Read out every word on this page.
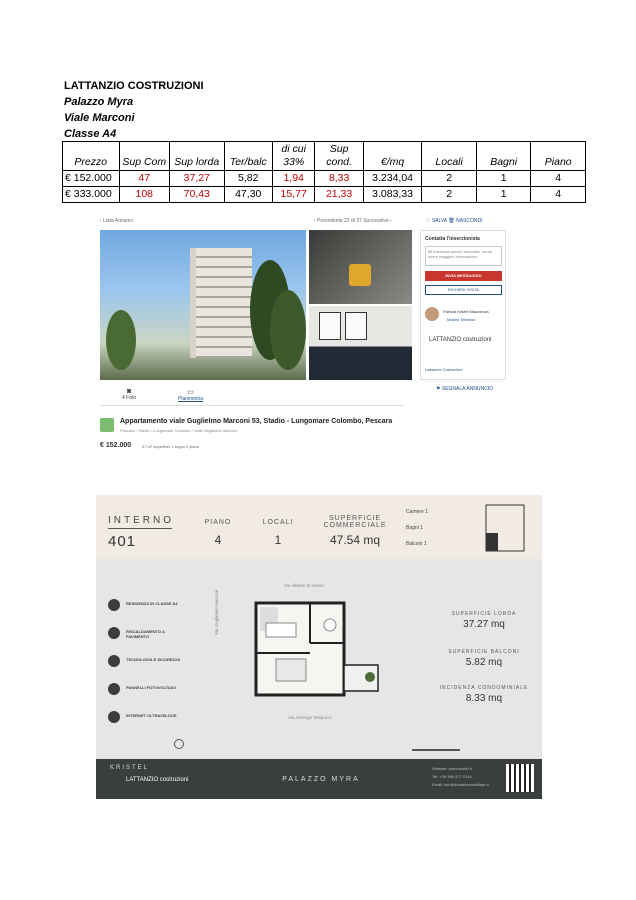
LATTANZIO COSTRUZIONI
Palazzo Myra
Viale Marconi
Classe A4
Prezzo	Sup Com	Sup lorda	Ter/balc	di cui 33%	Sup cond.	€/mq	Locali	Bagni	Piano
€ 152.000	47	37,27	5,82	1,94	8,33	3.234,04	2	1	4
€ 333.000	108	70,43	47,30	15,77	21,33	3.083,33	2	1	4
‹ Lista Annunci	‹ Precedente 22 di 37 Successivo ›	♡ SALVA 🗑 NASCONDI
◙
4 Foto
▭
Planimetria
Appartamento viale Guglielmo Marconi 53, Stadio - Lungomare Colombo, Pescara
Pescara › Stadio › Lungomare Colombo › Viale Guglielmo Marconi
€ 152.000	47 m² superficie 1 bagni 4 piano
Contatta l'inserzionista
Mi interessa questo immobile, vorrei avere maggiori informazioni
INVIA MESSAGGIO
RICHIEDI VISITA
Fabiola Kristel Mazzoncia
Mostra Telefono
LATTANZIO costruzioni
Lattanzio Costruzioni
⚑ SEGNALA ANNUNCIO
INTERNO
401
PIANO
4
LOCALI
1
SUPERFICIE COMMERCIALE
47.54 mq
Camere 1
Bagni 1
Balconi 1
RESIDENZA IN CLASSE A4
RISCALDAMENTO A PAVIMENTO
TECNOLOGIA E SICUREZZA
PANNELLI FOTOVOLTAICI
INTERNET ULTRAVELOCE
Via Alberto di Vision
Via Guglielmo Marconi
Via Amerigo Vespucci
SUPERFICIE LORDA
37.27 mq
SUPERFICIE BALCONI
5.82 mq
INCIDENZA CONDOMINIALE
8.33 mq
KRISTEL
LATTANZIO costruzioni	PALAZZO MYRA
Website: www.kristel.it
Tel: +39 366 977 5144
Email: info@kristelimmobiliare.it
